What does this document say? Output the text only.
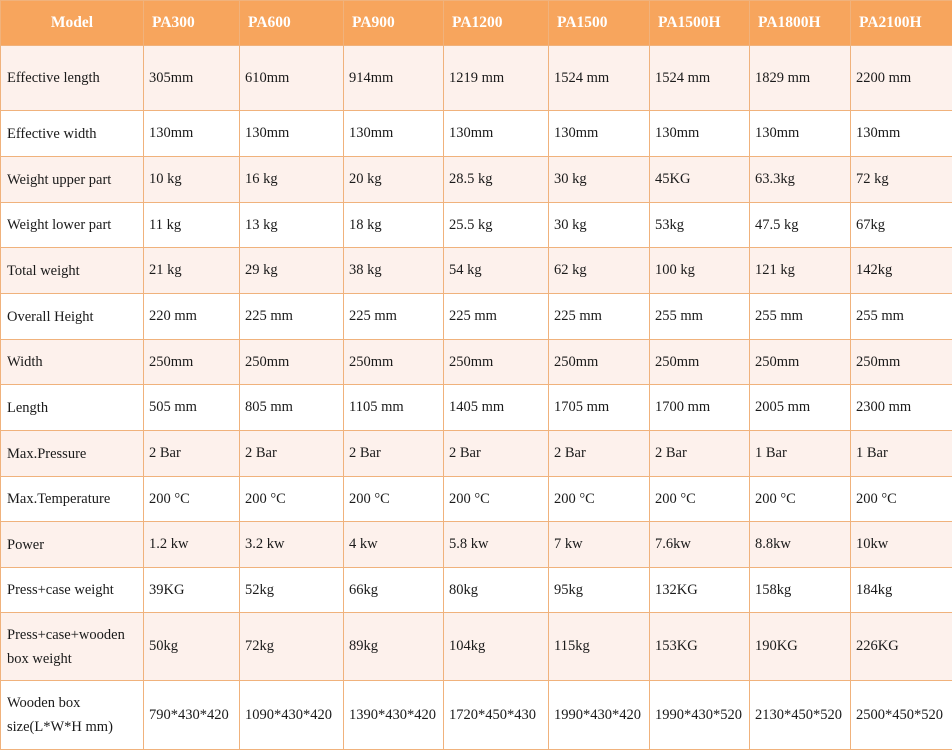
Model	PA300	PA600	PA900	PA1200	PA1500	PA1500H	PA1800H	PA2100H
Effective length	305mm	610mm	914mm	1219 mm	1524 mm	1524 mm	1829 mm	2200 mm
Effective width	130mm	130mm	130mm	130mm	130mm	130mm	130mm	130mm
Weight upper part	10 kg	16 kg	20 kg	28.5 kg	30 kg	45KG	63.3kg	72 kg
Weight lower part	11 kg	13 kg	18 kg	25.5 kg	30 kg	53kg	47.5 kg	67kg
Total weight	21 kg	29 kg	38 kg	54 kg	62 kg	100 kg	121 kg	142kg
Overall Height	220 mm	225 mm	225 mm	225 mm	225 mm	255 mm	255 mm	255 mm
Width	250mm	250mm	250mm	250mm	250mm	250mm	250mm	250mm
Length	505 mm	805 mm	1105 mm	1405 mm	1705 mm	1700 mm	2005 mm	2300 mm
Max.Pressure	2 Bar	2 Bar	2 Bar	2 Bar	2 Bar	2 Bar	1 Bar	1 Bar
Max.Temperature	200 °C	200 °C	200 °C	200 °C	200 °C	200 °C	200 °C	200 °C
Power	1.2 kw	3.2 kw	4 kw	5.8 kw	7 kw	7.6kw	8.8kw	10kw
Press+case weight	39KG	52kg	66kg	80kg	95kg	132KG	158kg	184kg
Press+case+wooden box weight	50kg	72kg	89kg	104kg	115kg	153KG	190KG	226KG
Wooden box size(L*W*H mm)	790*430*420	1090*430*420	1390*430*420	1720*450*430	1990*430*420	1990*430*520	2130*450*520	2500*450*520
